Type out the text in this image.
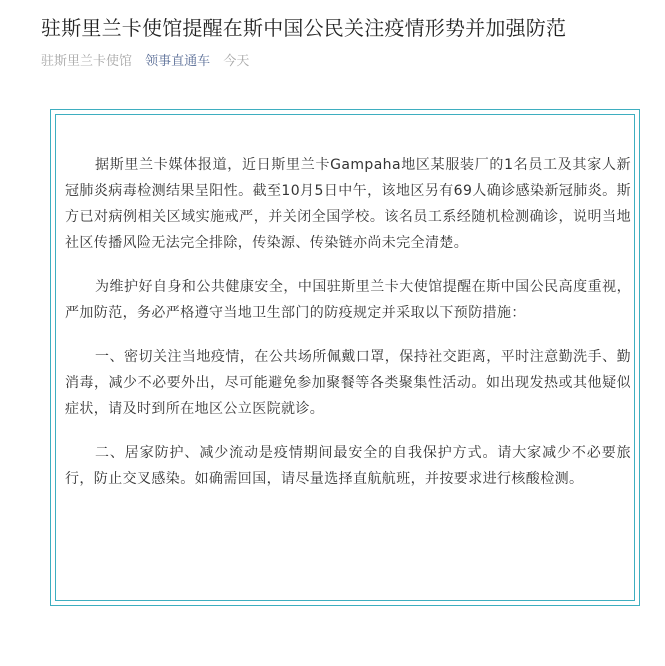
驻斯里兰卡使馆提醒在斯中国公民关注疫情形势并加强防范
驻斯里兰卡使馆 领事直通车 今天

据斯里兰卡媒体报道，近日斯里兰卡Gampaha地区某服装厂的1名员工及其家人新冠肺炎病毒检测结果呈阳性。截至10月5日中午，该地区另有69人确诊感染新冠肺炎。斯方已对病例相关区域实施戒严，并关闭全国学校。该名员工系经随机检测确诊，说明当地社区传播风险无法完全排除，传染源、传染链亦尚未完全清楚。

为维护好自身和公共健康安全，中国驻斯里兰卡大使馆提醒在斯中国公民高度重视，严加防范，务必严格遵守当地卫生部门的防疫规定并采取以下预防措施：

一、密切关注当地疫情，在公共场所佩戴口罩，保持社交距离，平时注意勤洗手、勤消毒，减少不必要外出，尽可能避免参加聚餐等各类聚集性活动。如出现发热或其他疑似症状，请及时到所在地区公立医院就诊。

二、居家防护、减少流动是疫情期间最安全的自我保护方式。请大家减少不必要旅行，防止交叉感染。如确需回国，请尽量选择直航航班，并按要求进行核酸检测。
